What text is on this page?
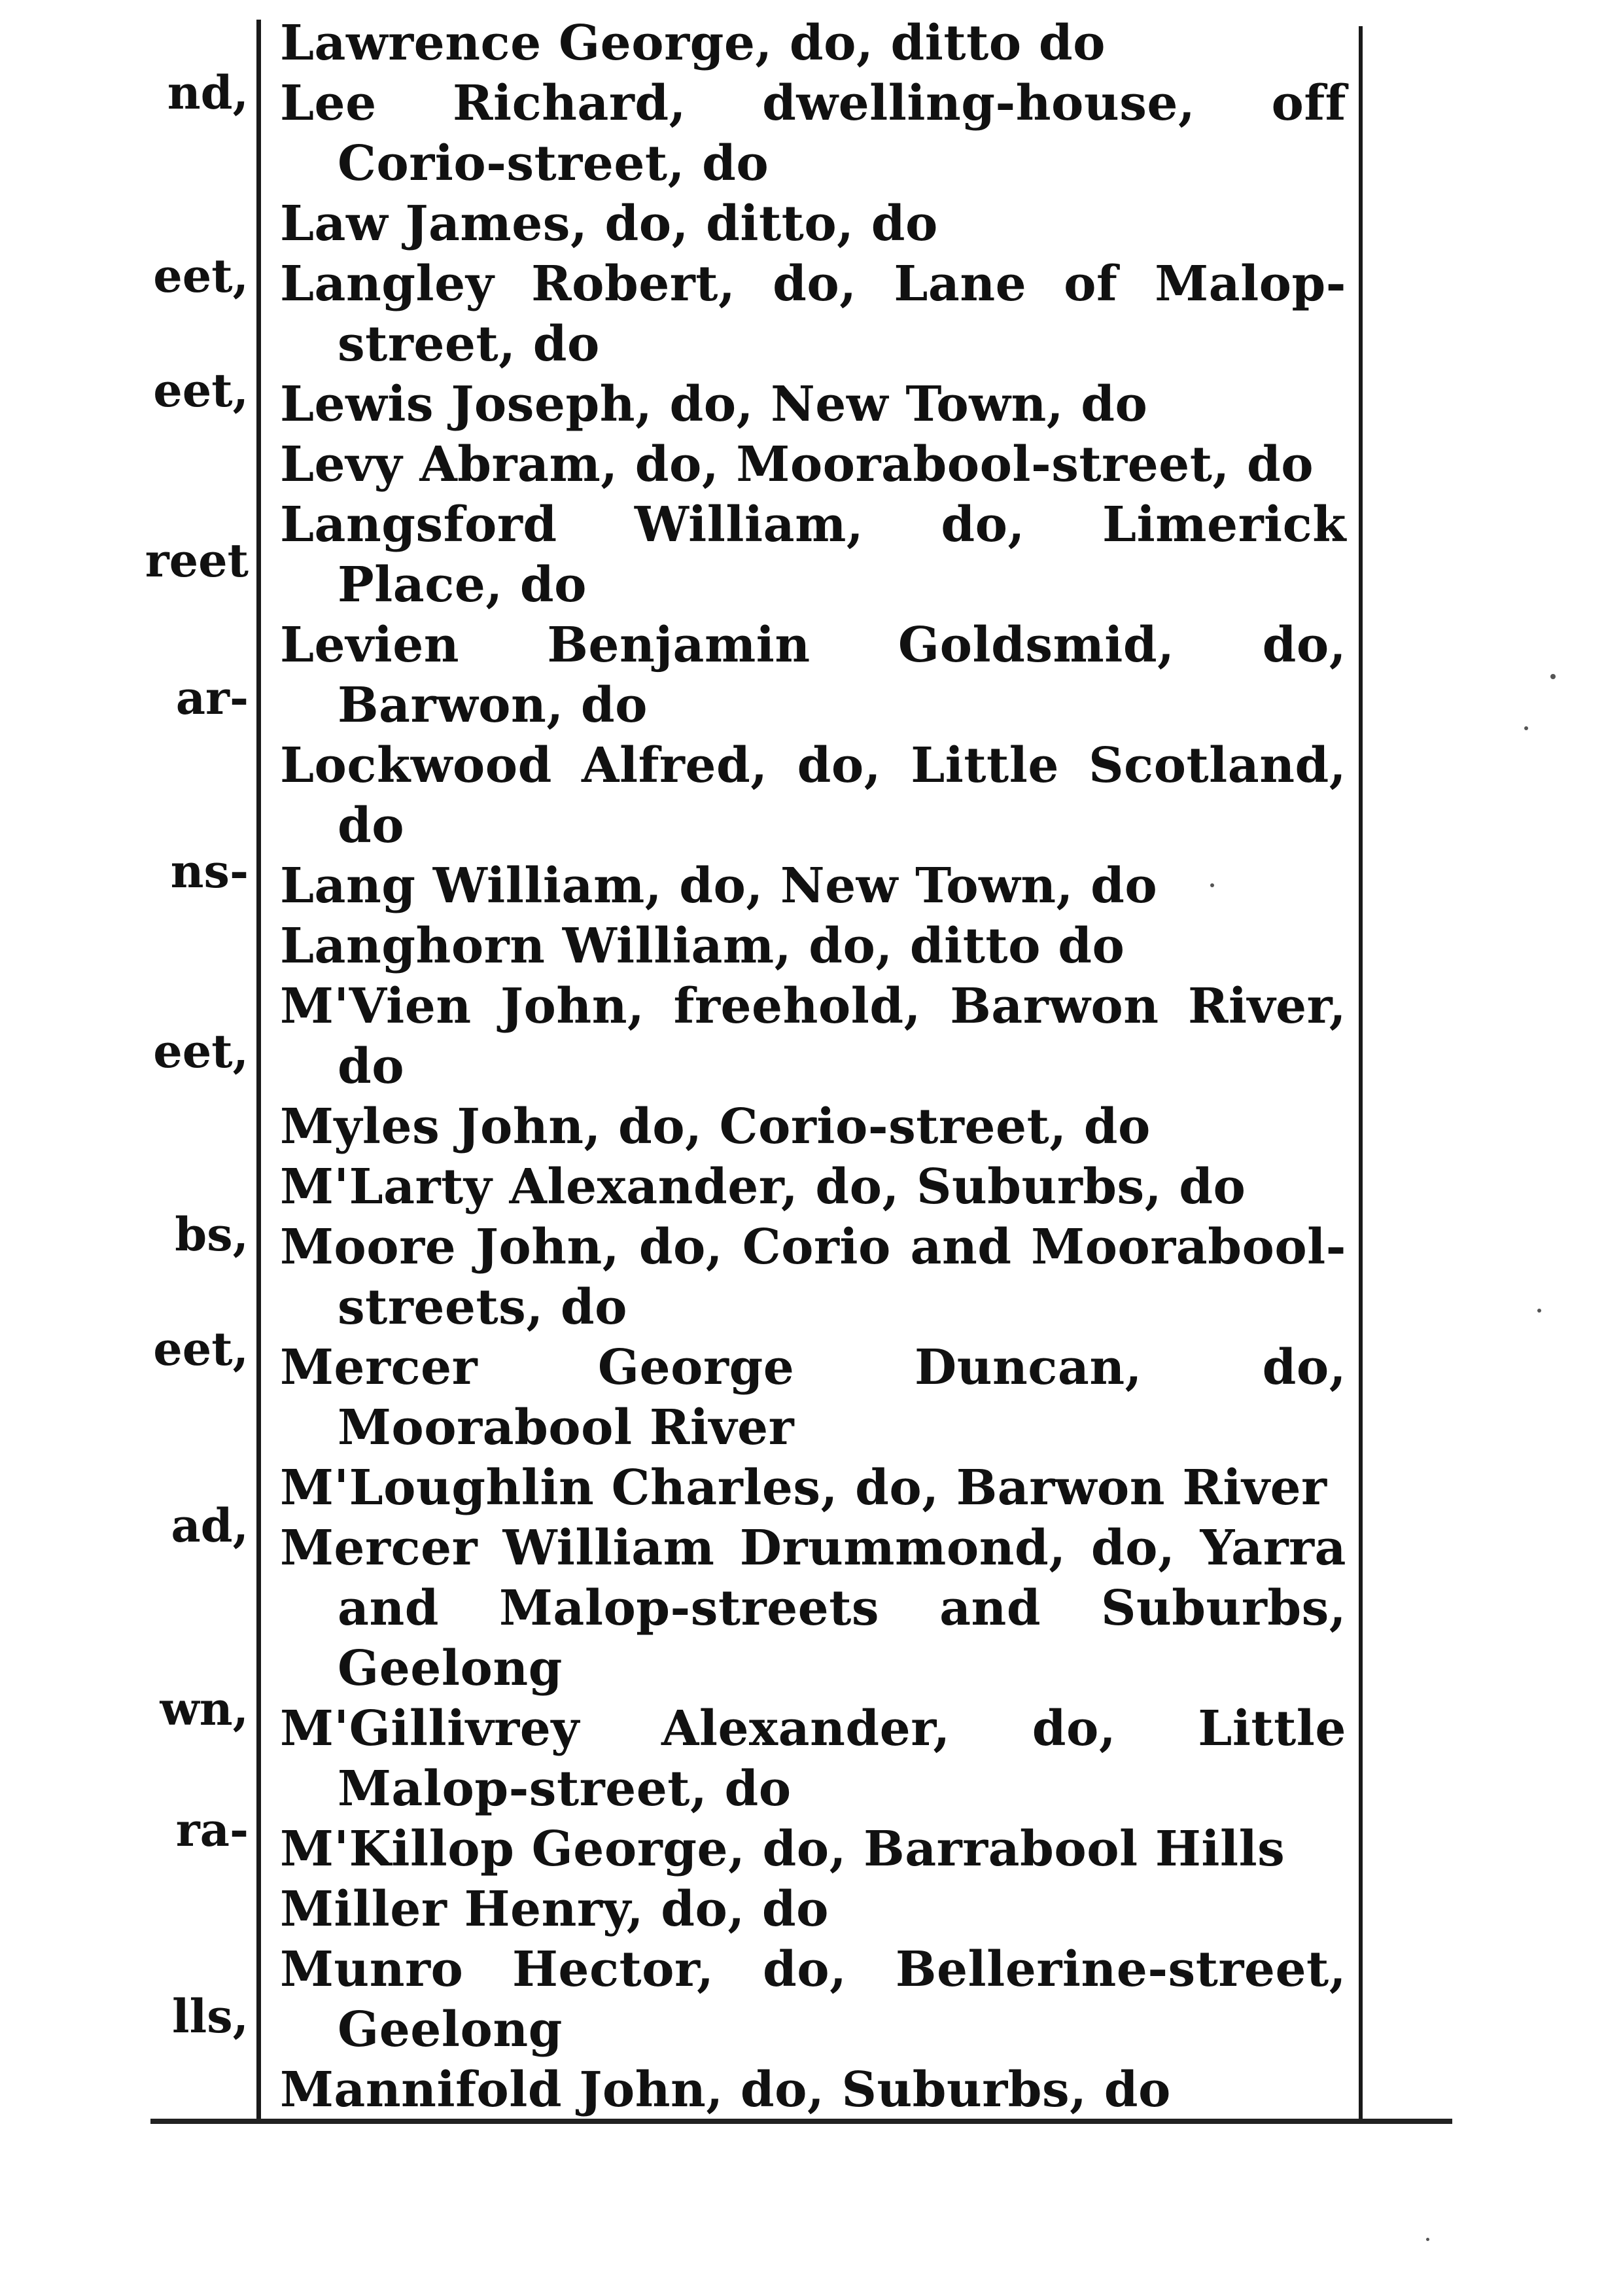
nd,
eet,
eet,
reet
ar-
ns-
eet,
bs,
eet,
ad,
wn,
ra-
lls,

Lawrence George, do, ditto do

Lee Richard, dwelling-house, off Corio-street, do

Law James, do, ditto, do

Langley Robert, do, Lane of Malop-street, do

Lewis Joseph, do, New Town, do

Levy Abram, do, Moorabool-street, do

Langsford William, do, Limerick Place, do

Levien Benjamin Goldsmid, do, Barwon, do

Lockwood Alfred, do, Little Scotland, do

Lang William, do, New Town, do

Langhorn William, do, ditto do

M'Vien John, freehold, Barwon River, do

Myles John, do, Corio-street, do

M'Larty Alexander, do, Suburbs, do

Moore John, do, Corio and Moorabool-streets, do

Mercer George Duncan, do, Moorabool River

M'Loughlin Charles, do, Barwon River

Mercer William Drummond, do, Yarra and Malop-streets and Suburbs, Geelong

M'Gillivrey Alexander, do, Little Malop-street, do

M'Killop George, do, Barrabool Hills

Miller Henry, do, do

Munro Hector, do, Bellerine-street, Geelong

Mannifold John, do, Suburbs, do
